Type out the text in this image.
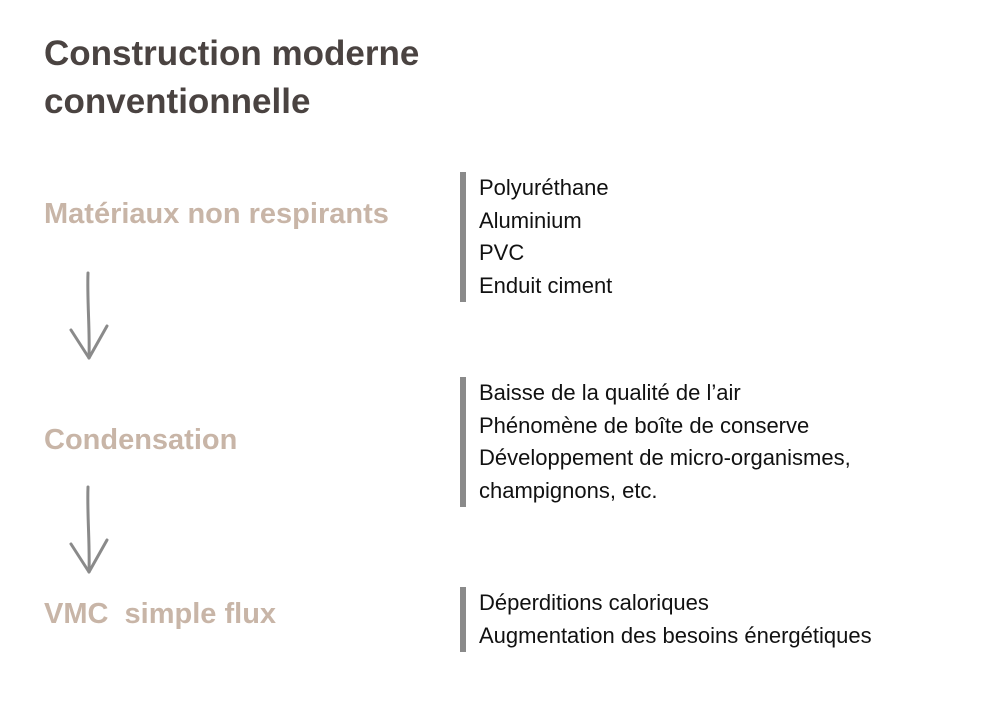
Construction moderne
conventionnelle
Matériaux non respirants
Polyuréthane
Aluminium
PVC
Enduit ciment
Condensation
Baisse de la qualité de l’air
Phénomène de boîte de conserve
Développement de micro-organismes,
champignons, etc.
VMC  simple flux	Déperditions caloriques
Augmentation des besoins énergétiques
